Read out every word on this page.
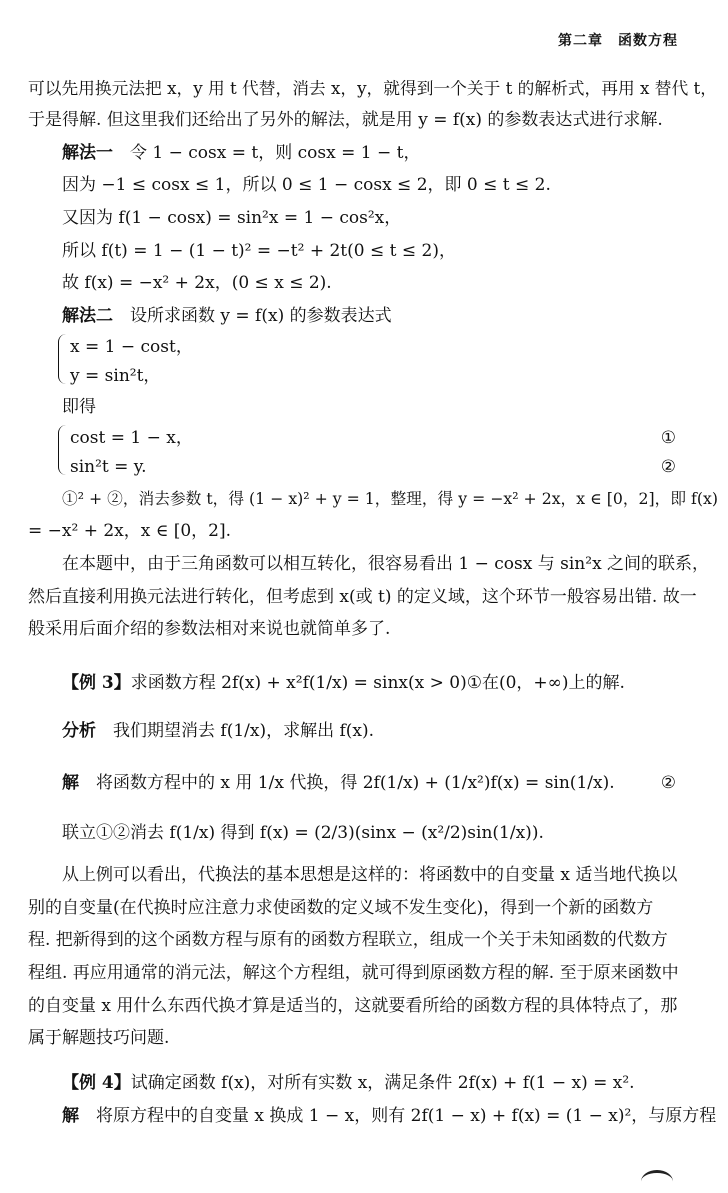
第二章　函数方程
可以先用换元法把 x，y 用 t 代替，消去 x，y，就得到一个关于 t 的解析式，再用 x 替代 t，
于是得解. 但这里我们还给出了另外的解法，就是用 y = f(x) 的参数表达式进行求解.
解法一　 令 1 − cosx = t，则 cosx = 1 − t，
因为 −1 ≤ cosx ≤ 1，所以 0 ≤ 1 − cosx ≤ 2，即 0 ≤ t ≤ 2.
又因为 f(1 − cosx) = sin²x = 1 − cos²x，
所以 f(t) = 1 − (1 − t)² = −t² + 2t(0 ≤ t ≤ 2)，
故 f(x) = −x² + 2x，(0 ≤ x ≤ 2).
解法二　 设所求函数 y = f(x) 的参数表达式
x = 1 − cost，
y = sin²t，
即得
cost = 1 − x，	①
sin²t = y.	②
①² + ②，消去参数 t，得 (1 − x)² + y = 1，整理，得 y = −x² + 2x，x ∈ [0，2]，即 f(x)
= −x² + 2x，x ∈ [0，2].
在本题中，由于三角函数可以相互转化，很容易看出 1 − cosx 与 sin²x 之间的联系，
然后直接利用换元法进行转化，但考虑到 x(或 t) 的定义域，这个环节一般容易出错. 故一
般采用后面介绍的参数法相对来说也就简单多了.
【例 3】求函数方程 2f(x) + x²f(1/x) = sinx(x > 0)①在(0，+∞)上的解.
分析　 我们期望消去 f(1/x)，求解出 f(x).
解　 将函数方程中的 x 用 1/x 代换，得 2f(1/x) + (1/x²)f(x) = sin(1/x).	②
联立①②消去 f(1/x) 得到 f(x) = (2/3)(sinx − (x²/2)sin(1/x)).
从上例可以看出，代换法的基本思想是这样的：将函数中的自变量 x 适当地代换以
别的自变量(在代换时应注意力求使函数的定义域不发生变化)，得到一个新的函数方
程. 把新得到的这个函数方程与原有的函数方程联立，组成一个关于未知函数的代数方
程组. 再应用通常的消元法，解这个方程组，就可得到原函数方程的解. 至于原来函数中
的自变量 x 用什么东西代换才算是适当的，这就要看所给的函数方程的具体特点了，那
属于解题技巧问题.
【例 4】试确定函数 f(x)，对所有实数 x，满足条件 2f(x) + f(1 − x) = x².
解　 将原方程中的自变量 x 换成 1 − x，则有 2f(1 − x) + f(x) = (1 − x)²，与原方程
